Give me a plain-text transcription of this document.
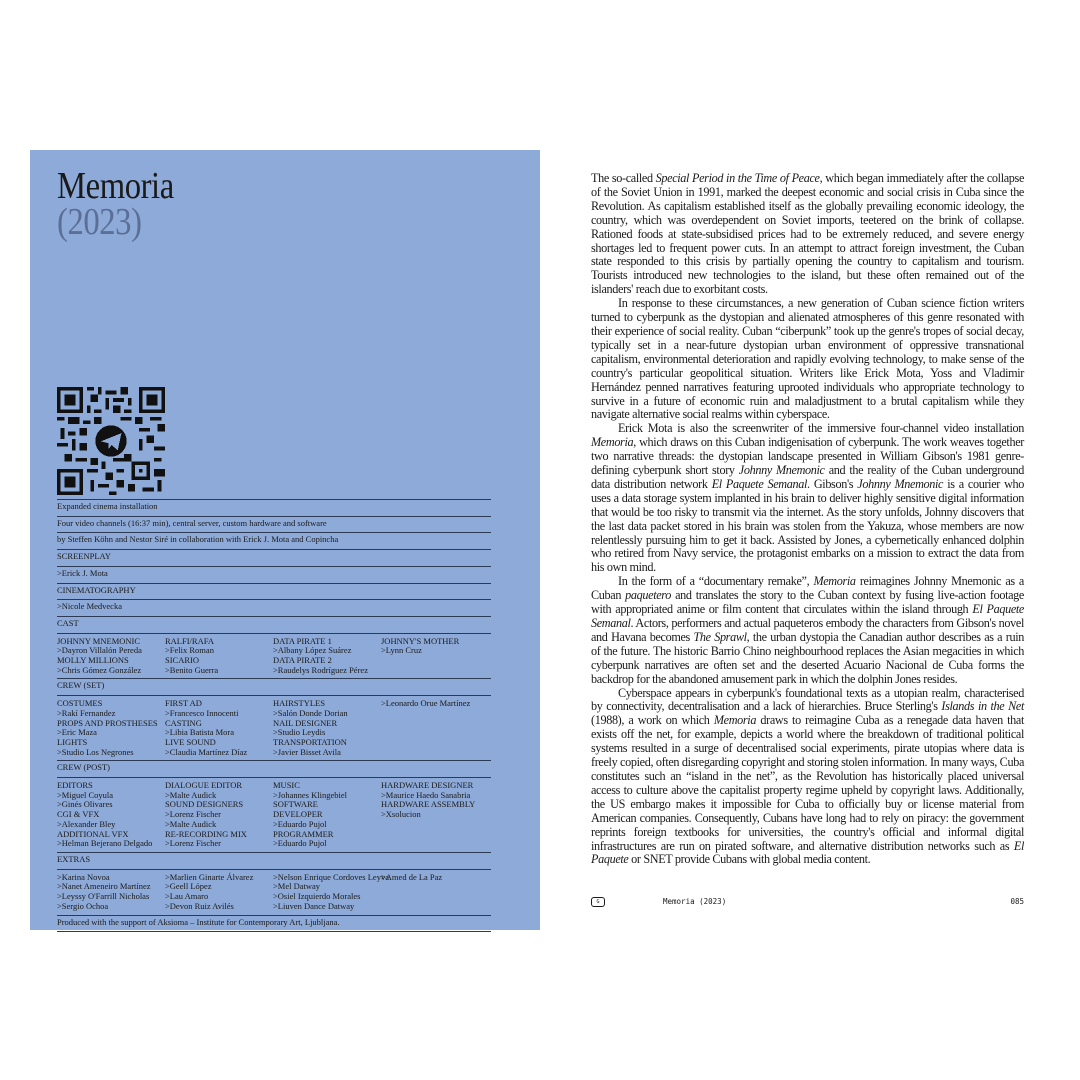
Memoria
(2023)
Expanded cinema installation
Four video channels (16:37 min), central server, custom hardware and software
by Steffen Köhn and Nestor Siré in collaboration with Erick J. Mota and Copincha
SCREENPLAY
>Erick J. Mota
CINEMATOGRAPHY
>Nicole Medvecka
CAST
JOHNNY MNEMONIC
>Dayron Villalón Pereda
MOLLY MILLIONS
>Chris Gómez González
RALFI/RAFA
>Felix Roman
SICARIO
>Benito Guerra
DATA PIRATE 1
>Albany López Suárez
DATA PIRATE 2
>Raudelys Rodríguez Pérez
JOHNNY'S MOTHER
>Lynn Cruz
CREW (SET)
COSTUMES
>Rakí Fernandez
PROPS AND PROSTHESES
>Eric Maza
LIGHTS
>Studio Los Negrones
FIRST AD
>Francesco Innocenti
CASTING
>Libia Batista Mora
LIVE SOUND
>Claudia Martínez Díaz
HAIRSTYLES
>Salón Donde Dorian
NAIL DESIGNER
>Studio Leydis
TRANSPORTATION
>Javier Bisset Avila
>Leonardo Orue Martínez
CREW (POST)
EDITORS
>Miguel Coyula
>Ginés Olivares
CGI & VFX
>Alexander Bley
ADDITIONAL VFX
>Helman Bejerano Delgado
DIALOGUE EDITOR
>Malte Audick
SOUND DESIGNERS
>Lorenz Fischer
>Malte Audick
RE-RECORDING MIX
>Lorenz Fischer
MUSIC
>Johannes Klingebiel
SOFTWARE
DEVELOPER
>Eduardo Pujol
PROGRAMMER
>Eduardo Pujol
HARDWARE DESIGNER
>Maurice Haedo Sanabria
HARDWARE ASSEMBLY
>Xsolucion
EXTRAS
>Karina Novoa
>Nanet Ameneiro Martínez
>Leyssy O'Farrill Nicholas
>Sergio Ochoa
>Marlien Ginarte Álvarez
>Geell López
>Lau Amaro
>Devon Ruiz Avilés
>Nelson Enrique Cordoves Leyva
>Mel Datway
>Osiel Izquierdo Morales
>Liuven Dance Datway
>Amed de La Paz
Produced with the support of Aksioma – Institute for Contemporary Art, Ljubljana.

The so-called Special Period in the Time of Peace, which began immediately after the collapse of the Soviet Union in 1991, marked the deepest economic and social crisis in Cuba since the Revolution. As capitalism established itself as the globally prevailing economic ideology, the country, which was overdependent on Soviet imports, teetered on the brink of collapse. Rationed foods at state-subsidised prices had to be extremely reduced, and severe energy shortages led to frequent power cuts. In an attempt to attract foreign investment, the Cuban state responded to this crisis by partially opening the country to capitalism and tourism. Tourists introduced new technologies to the island, but these often remained out of the islanders' reach due to exorbitant costs.

In response to these circumstances, a new generation of Cuban science fiction writers turned to cyberpunk as the dystopian and alienated atmospheres of this genre resonated with their experience of social reality. Cuban “ciberpunk” took up the genre's tropes of social decay, typically set in a near-future dystopian urban environment of oppressive transnational capitalism, environmental deterioration and rapidly evolving technology, to make sense of the country's particular geopolitical situation. Writers like Erick Mota, Yoss and Vladimir Hernández penned narratives featuring uprooted individuals who appropriate technology to survive in a future of economic ruin and maladjustment to a brutal capitalism while they navigate alternative social realms within cyberspace.

Erick Mota is also the screenwriter of the immersive four-channel video installation Memoria, which draws on this Cuban indigenisation of cyberpunk. The work weaves together two narrative threads: the dystopian landscape presented in William Gibson's 1981 genre-defining cyberpunk short story Johnny Mnemonic and the reality of the Cuban underground data distribution network El Paquete Semanal. Gibson's Johnny Mnemonic is a courier who uses a data storage system implanted in his brain to deliver highly sensitive digital information that would be too risky to transmit via the internet. As the story unfolds, Johnny discovers that the last data packet stored in his brain was stolen from the Yakuza, whose members are now relentlessly pursuing him to get it back. Assisted by Jones, a cybernetically enhanced dolphin who retired from Navy service, the protagonist embarks on a mission to extract the data from his own mind.

In the form of a “documentary remake”, Memoria reimagines Johnny Mnemonic as a Cuban paquetero and translates the story to the Cuban context by fusing live-action footage with appropriated anime or film content that circulates within the island through El Paquete Semanal. Actors, performers and actual paqueteros embody the characters from Gibson's novel and Havana becomes The Sprawl, the urban dystopia the Canadian author describes as a ruin of the future. The historic Barrio Chino neighbourhood replaces the Asian megacities in which cyberpunk narratives are often set and the deserted Acuario Nacional de Cuba forms the backdrop for the abandoned amusement park in which the dolphin Jones resides.

Cyberspace appears in cyberpunk's foundational texts as a utopian realm, characterised by connectivity, decentralisation and a lack of hierarchies. Bruce Sterling's Islands in the Net (1988), a work on which Memoria draws to reimagine Cuba as a renegade data haven that exists off the net, for example, depicts a world where the breakdown of traditional political systems resulted in a surge of decentralised social experiments, pirate utopias where data is freely copied, often disregarding copyright and storing stolen information. In many ways, Cuba constitutes such an “island in the net”, as the Revolution has historically placed universal access to culture above the capitalist property regime upheld by copyright laws. Additionally, the US embargo makes it impossible for Cuba to officially buy or license material from American companies. Consequently, Cubans have long had to rely on piracy: the government reprints foreign textbooks for universities, the country's official and informal digital infrastructures are run on pirated software, and alternative distribution networks such as El Paquete or SNET provide Cubans with global media content.

G	Memoria (2023)	085
